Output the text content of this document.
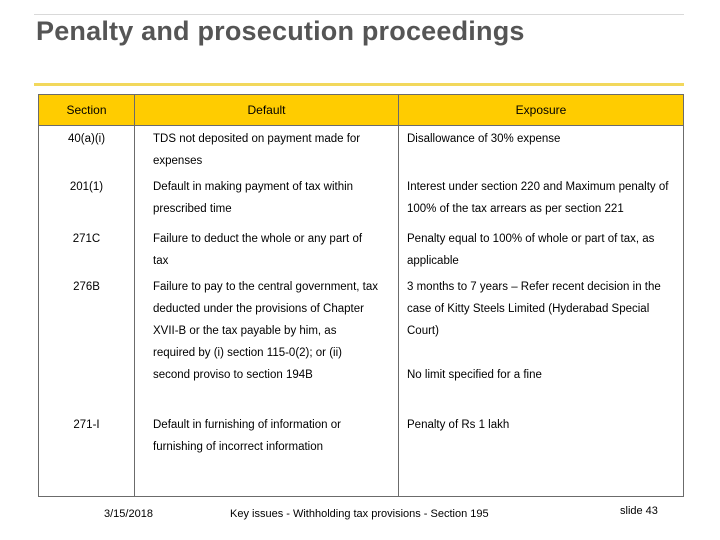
Penalty and prosecution proceedings
Section	Default	Exposure
40(a)(i)	TDS not deposited on payment made for expenses	Disallowance of 30% expense

201(1)	Default in making payment of tax within prescribed time	Interest under section 220 and Maximum penalty of 100% of the tax arrears as per section 221

271C	Failure to deduct the whole or any part of tax	Penalty equal to 100% of whole or part of tax, as applicable

276B	Failure to pay to the central government, tax deducted under the provisions of Chapter XVII-B or the tax payable by him, as required by (i) section 115-0(2); or (ii) second proviso to section 194B	3 months to 7 years – Refer recent decision in the case of Kitty Steels Limited (Hyderabad Special Court)
No limit specified for a fine

271-I	Default in furnishing of information or furnishing of incorrect information	Penalty of Rs 1 lakh
3/15/2018	Key issues - Withholding tax provisions - Section 195	slide 43
